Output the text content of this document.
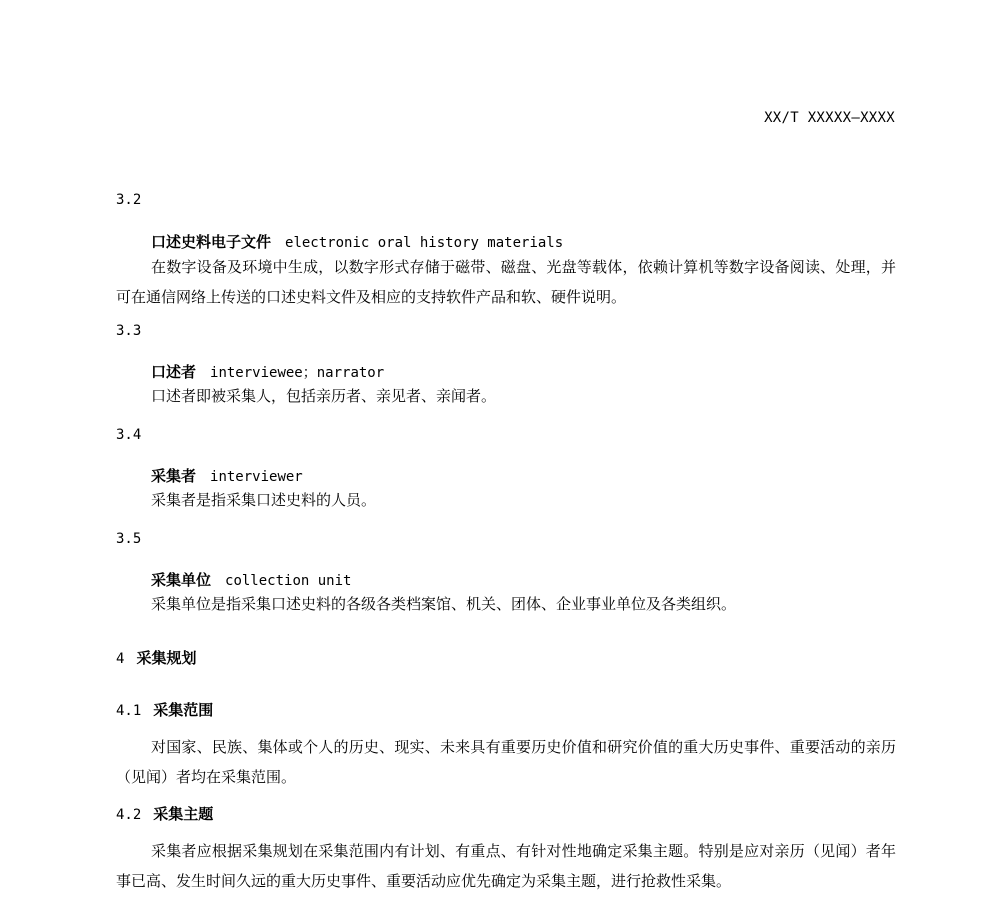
XX/T XXXXX—XXXX
3.2
口述史料电子文件 electronic oral history materials

在数字设备及环境中生成，以数字形式存储于磁带、磁盘、光盘等载体，依赖计算机等数字设备阅读、处理，并可在通信网络上传送的口述史料文件及相应的支持软件产品和软、硬件说明。

3.3
口述者 interviewee；narrator
口述者即被采集人，包括亲历者、亲见者、亲闻者。
3.4
采集者 interviewer
采集者是指采集口述史料的人员。
3.5
采集单位 collection unit
采集单位是指采集口述史料的各级各类档案馆、机关、团体、企业事业单位及各类组织。
4 采集规划
4.1 采集范围

对国家、民族、集体或个人的历史、现实、未来具有重要历史价值和研究价值的重大历史事件、重要活动的亲历（见闻）者均在采集范围。

4.2 采集主题

采集者应根据采集规划在采集范围内有计划、有重点、有针对性地确定采集主题。特别是应对亲历（见闻）者年事已高、发生时间久远的重大历史事件、重要活动应优先确定为采集主题，进行抢救性采集。
